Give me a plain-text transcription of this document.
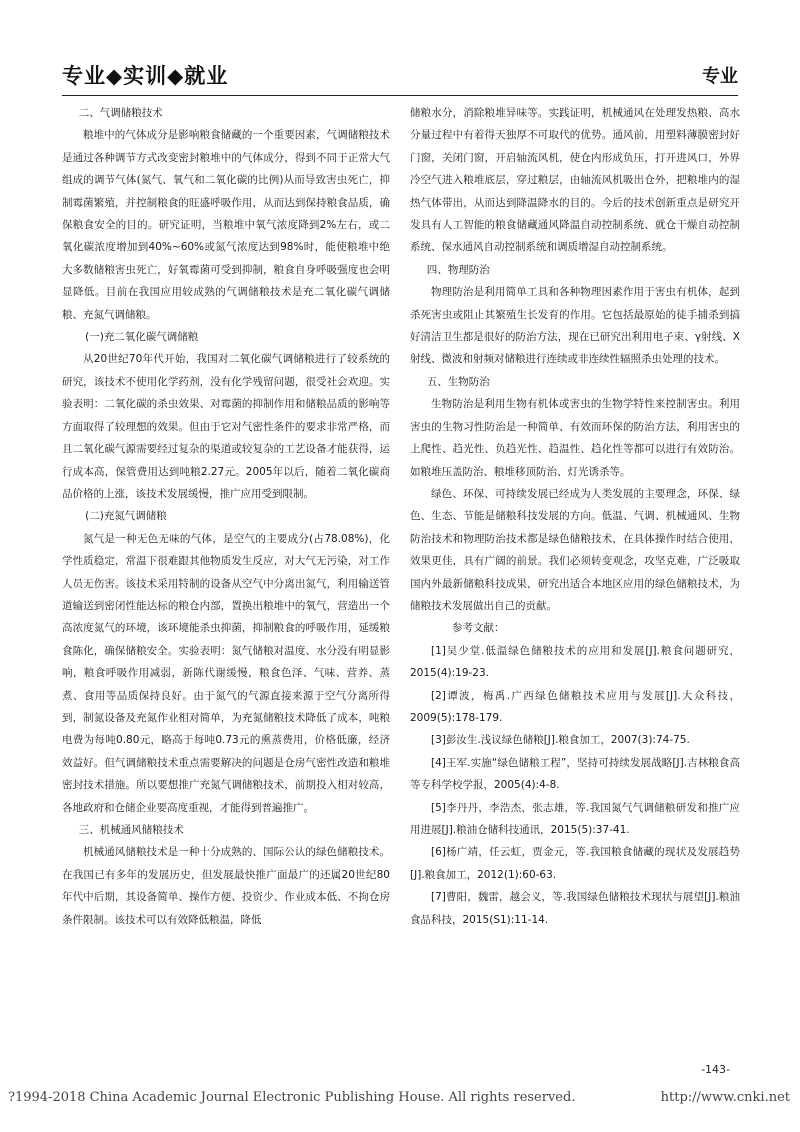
专业◆实训◆就业	专业
二、气调储粮技术

粮堆中的气体成分是影响粮食储藏的一个重要因素，气调储粮技术是通过各种调节方式改变密封粮堆中的气体成分，得到不同于正常大气组成的调节气体(氮气、氧气和二氧化碳的比例)从而导致害虫死亡，抑制霉菌繁殖，并控制粮食的旺盛呼吸作用，从而达到保持粮食品质，确保粮食安全的目的。研究证明，当粮堆中氧气浓度降到2%左右，或二氧化碳浓度增加到40%~60%或氮气浓度达到98%时，能使粮堆中绝大多数储粮害虫死亡，好氧霉菌可受到抑制，粮食自身呼吸强度也会明显降低。目前在我国应用较成熟的气调储粮技术是充二氧化碳气调储粮、充氮气调储粮。

(一)充二氧化碳气调储粮

从20世纪70年代开始，我国对二氧化碳气调储粮进行了较系统的研究，该技术不使用化学药剂，没有化学残留问题，很受社会欢迎。实验表明：二氧化碳的杀虫效果、对霉菌的抑制作用和储粮品质的影响等方面取得了较理想的效果。但由于它对气密性条件的要求非常严格，而且二氧化碳气源需要经过复杂的渠道或较复杂的工艺设备才能获得，运行成本高，保管费用达到吨粮2.27元。2005年以后，随着二氧化碳商品价格的上涨，该技术发展缓慢，推广应用受到限制。

(二)充氮气调储粮

氮气是一种无色无味的气体，是空气的主要成分(占78.08%)，化学性质稳定，常温下很难跟其他物质发生反应，对大气无污染，对工作人员无伤害。该技术采用特制的设备从空气中分离出氮气，利用输送管道输送到密闭性能达标的粮仓内部，置换出粮堆中的氧气，营造出一个高浓度氮气的环境，该环境能杀虫抑菌，抑制粮食的呼吸作用，延缓粮食陈化，确保储粮安全。实验表明：氮气储粮对温度、水分没有明显影响，粮食呼吸作用减弱，新陈代谢缓慢，粮食色泽、气味、营养、蒸煮、食用等品质保持良好。由于氮气的气源直接来源于空气分离所得到，制氮设备及充氮作业相对简单，为充氮储粮技术降低了成本，吨粮电费为每吨0.80元，略高于每吨0.73元的熏蒸费用，价格低廉，经济效益好。但气调储粮技术重点需要解决的问题是仓房气密性改造和粮堆密封技术措施。所以要想推广充氮气调储粮技术，前期投入相对较高，各地政府和仓储企业要高度重视，才能得到普遍推广。

三、机械通风储粮技术

机械通风储粮技术是一种十分成熟的、国际公认的绿色储粮技术。在我国已有多年的发展历史，但发展最快推广面最广的还属20世纪80年代中后期，其设备简单、操作方便、投资少、作业成本低、不拘仓房条件限制。该技术可以有效降低粮温，降低

储粮水分，消除粮堆异味等。实践证明，机械通风在处理发热粮、高水分量过程中有着得天独厚不可取代的优势。通风前，用塑料薄膜密封好门窗，关闭门窗，开启轴流风机，使仓内形成负压，打开进风口，外界冷空气进入粮堆底层，穿过粮层，由轴流风机吸出仓外，把粮堆内的湿热气体带出，从而达到降温降水的目的。今后的技术创新重点是研究开发具有人工智能的粮食储藏通风降温自动控制系统、就仓干燥自动控制系统、保水通风自动控制系统和调质增湿自动控制系统。

四、物理防治

物理防治是利用简单工具和各种物理因素作用于害虫有机体，起到杀死害虫或阻止其繁殖生长发育的作用。它包括最原始的徒手捕杀到搞好清洁卫生都是很好的防治方法，现在已研究出利用电子束、γ射线、X射线、微波和射频对储粮进行连续或非连续性辐照杀虫处理的技术。

五、生物防治

生物防治是利用生物有机体或害虫的生物学特性来控制害虫。利用害虫的生物习性防治是一种简单、有效而环保的防治方法，利用害虫的上爬性、趋光性、负趋光性、趋温性、趋化性等都可以进行有效防治。如粮堆压盖防治、粮堆移顶防治、灯光诱杀等。

绿色、环保、可持续发展已经成为人类发展的主要理念，环保、绿色、生态、节能是储粮科技发展的方向。低温、气调、机械通风、生物防治技术和物理防治技术都是绿色储粮技术，在具体操作时结合使用，效果更佳，具有广阔的前景。我们必须转变观念，攻坚克难，广泛吸取国内外最新储粮科技成果，研究出适合本地区应用的绿色储粮技术，为储粮技术发展做出自己的贡献。

参考文献：

[1]吴少堂.低温绿色储粮技术的应用和发展[J].粮食问题研究，2015(4):19-23.

[2]谭波，梅禹.广西绿色储粮技术应用与发展[J].大众科技，2009(5):178-179.

[3]彭汝生.浅议绿色储粮[J].粮食加工，2007(3):74-75.

[4]王军.实施“绿色储粮工程”，坚持可持续发展战略[J].吉林粮食高等专科学校学报，2005(4):4-8.

[5]李丹丹，李浩杰，张志雄，等.我国氮气气调储粮研发和推广应用进展[J].粮油仓储科技通讯，2015(5):37-41.

[6]杨广靖，任云虹，贾金元，等.我国粮食储藏的现状及发展趋势[J].粮食加工，2012(1):60-63.

[7]曹阳，魏雷，越会义，等.我国绿色储粮技术现状与展望[J].粮油食品科技，2015(S1):11-14.

-143-
?1994-2018 China Academic Journal Electronic Publishing House. All rights reserved.	http://www.cnki.net
